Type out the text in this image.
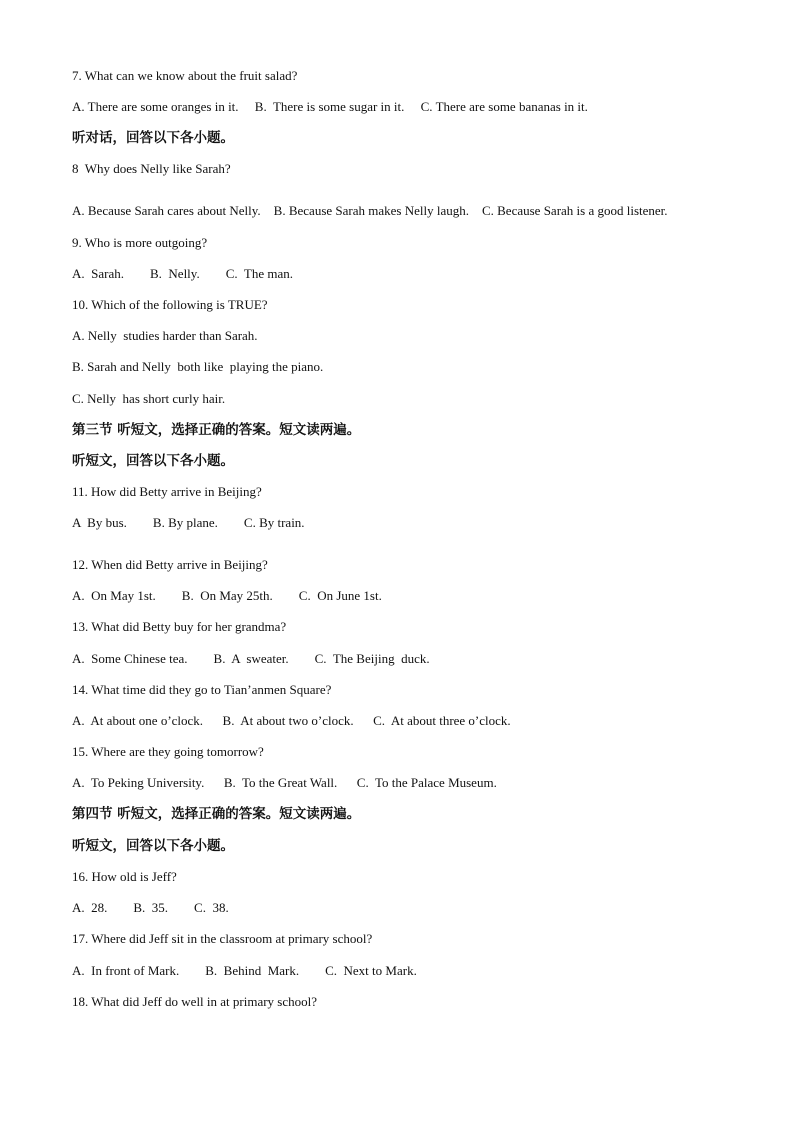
7. What can we know about the fruit salad?
A. There are some oranges in it.     B.  There is some sugar in it.     C. There are some bananas in it.
听对话，回答以下各小题。
8  Why does Nelly like Sarah?
A. Because Sarah cares about Nelly.    B. Because Sarah makes Nelly laugh.    C. Because Sarah is a good listener.
9. Who is more outgoing?
A.  Sarah.        B.  Nelly.        C.  The man.
10. Which of the following is TRUE?
A. Nelly  studies harder than Sarah.
B. Sarah and Nelly  both like  playing the piano.
C. Nelly  has short curly hair.
第三节 听短文，选择正确的答案。短文读两遍。
听短文，回答以下各小题。
11. How did Betty arrive in Beijing?
A  By bus.        B. By plane.        C. By train.
12. When did Betty arrive in Beijing?
A.  On May 1st.        B.  On May 25th.        C.  On June 1st.
13. What did Betty buy for her grandma?
A.  Some Chinese tea.        B.  A  sweater.        C.  The Beijing  duck.
14. What time did they go to Tian’anmen Square?
A.  At about one o’clock.      B.  At about two o’clock.      C.  At about three o’clock.
15. Where are they going tomorrow?
A.  To Peking University.      B.  To the Great Wall.      C.  To the Palace Museum.
第四节 听短文，选择正确的答案。短文读两遍。
听短文，回答以下各小题。
16. How old is Jeff?
A.  28.        B.  35.        C.  38.
17. Where did Jeff sit in the classroom at primary school?
A.  In front of Mark.        B.  Behind  Mark.        C.  Next to Mark.
18. What did Jeff do well in at primary school?
